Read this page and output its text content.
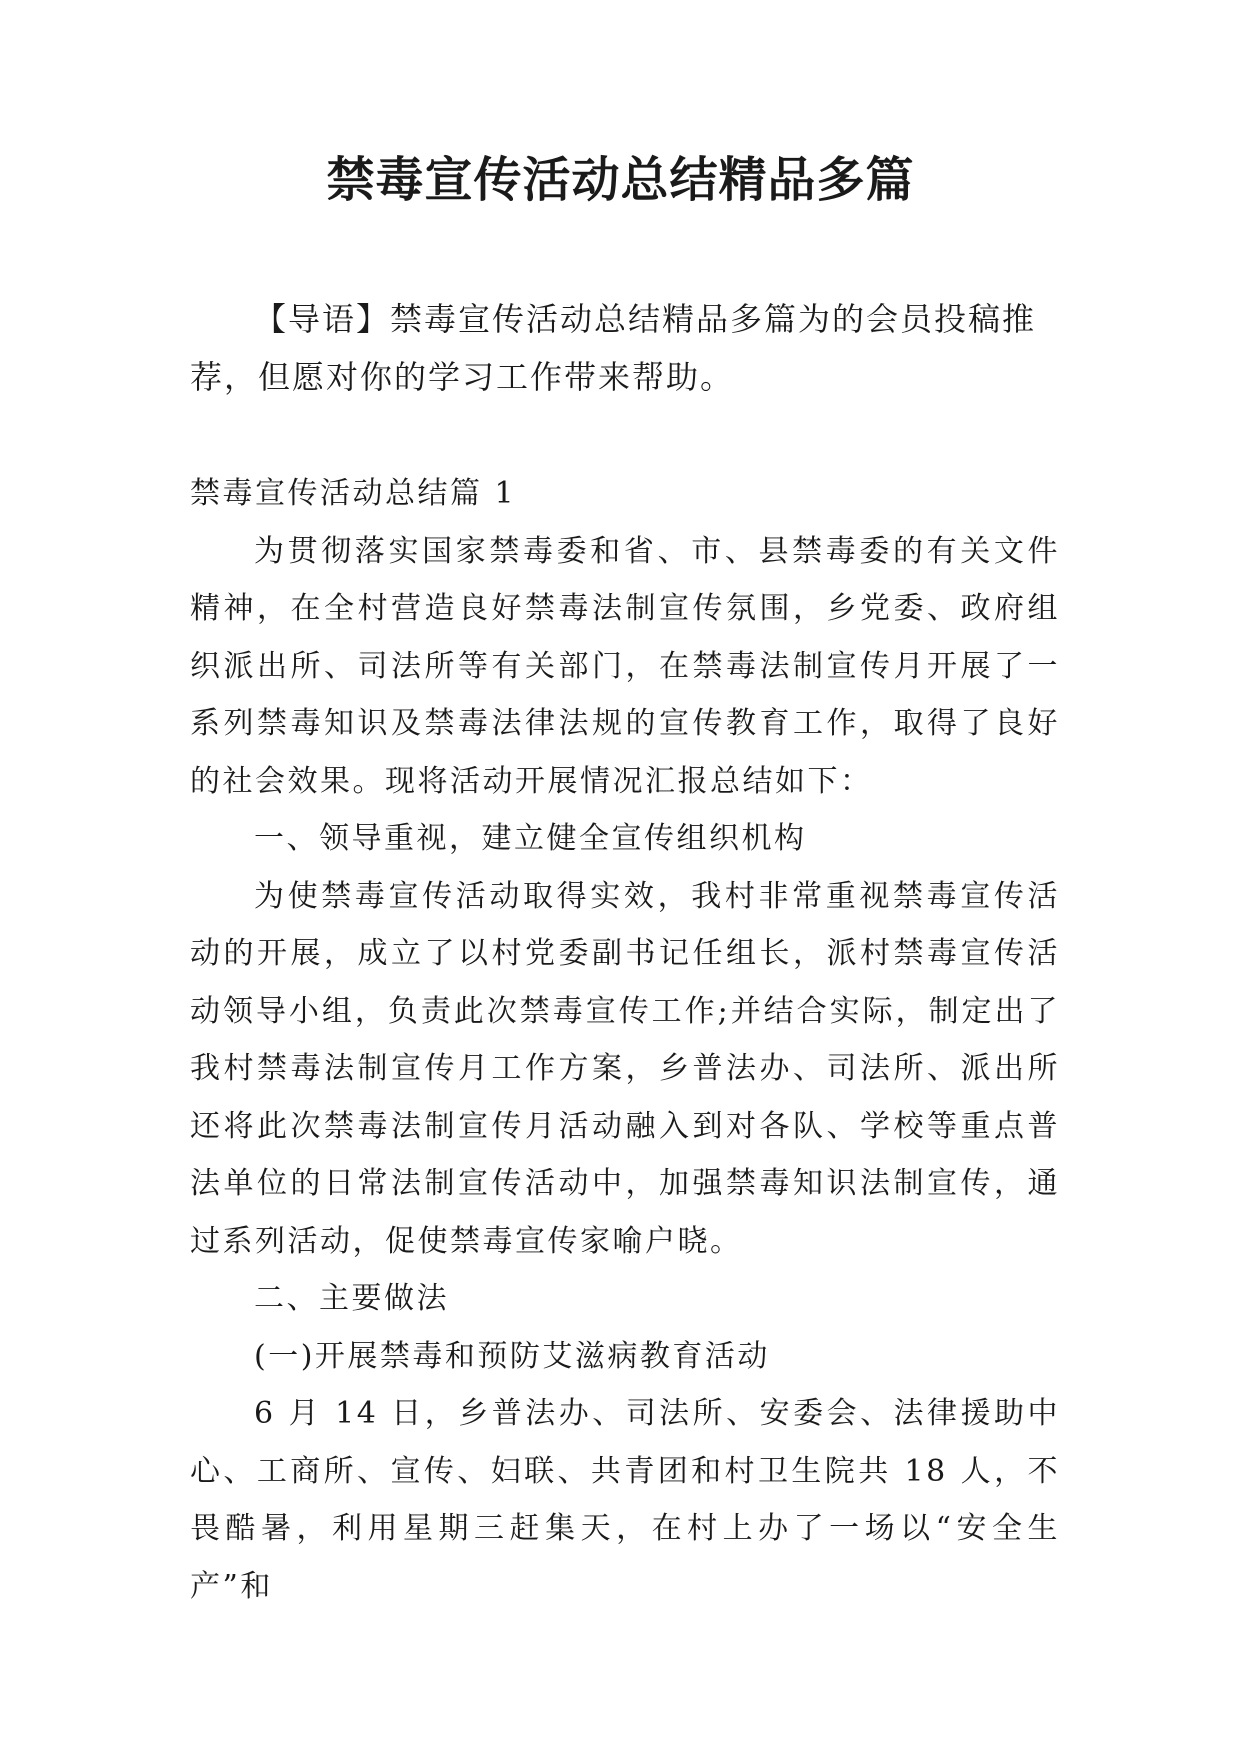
禁毒宣传活动总结精品多篇

【导语】禁毒宣传活动总结精品多篇为的会员投稿推荐，但愿对你的学习工作带来帮助。

禁毒宣传活动总结篇 1

为贯彻落实国家禁毒委和省、市、县禁毒委的有关文件精神，在全村营造良好禁毒法制宣传氛围，乡党委、政府组织派出所、司法所等有关部门，在禁毒法制宣传月开展了一系列禁毒知识及禁毒法律法规的宣传教育工作，取得了良好的社会效果。现将活动开展情况汇报总结如下：

一、领导重视，建立健全宣传组织机构

为使禁毒宣传活动取得实效，我村非常重视禁毒宣传活动的开展，成立了以村党委副书记任组长，派村禁毒宣传活动领导小组，负责此次禁毒宣传工作;并结合实际，制定出了我村禁毒法制宣传月工作方案，乡普法办、司法所、派出所还将此次禁毒法制宣传月活动融入到对各队、学校等重点普法单位的日常法制宣传活动中，加强禁毒知识法制宣传，通过系列活动，促使禁毒宣传家喻户晓。

二、主要做法

(一)开展禁毒和预防艾滋病教育活动

6 月 14 日，乡普法办、司法所、安委会、法律援助中心、工商所、宣传、妇联、共青团和村卫生院共 18 人，不畏酷暑，利用星期三赶集天，在村上办了一场以“安全生产”和
